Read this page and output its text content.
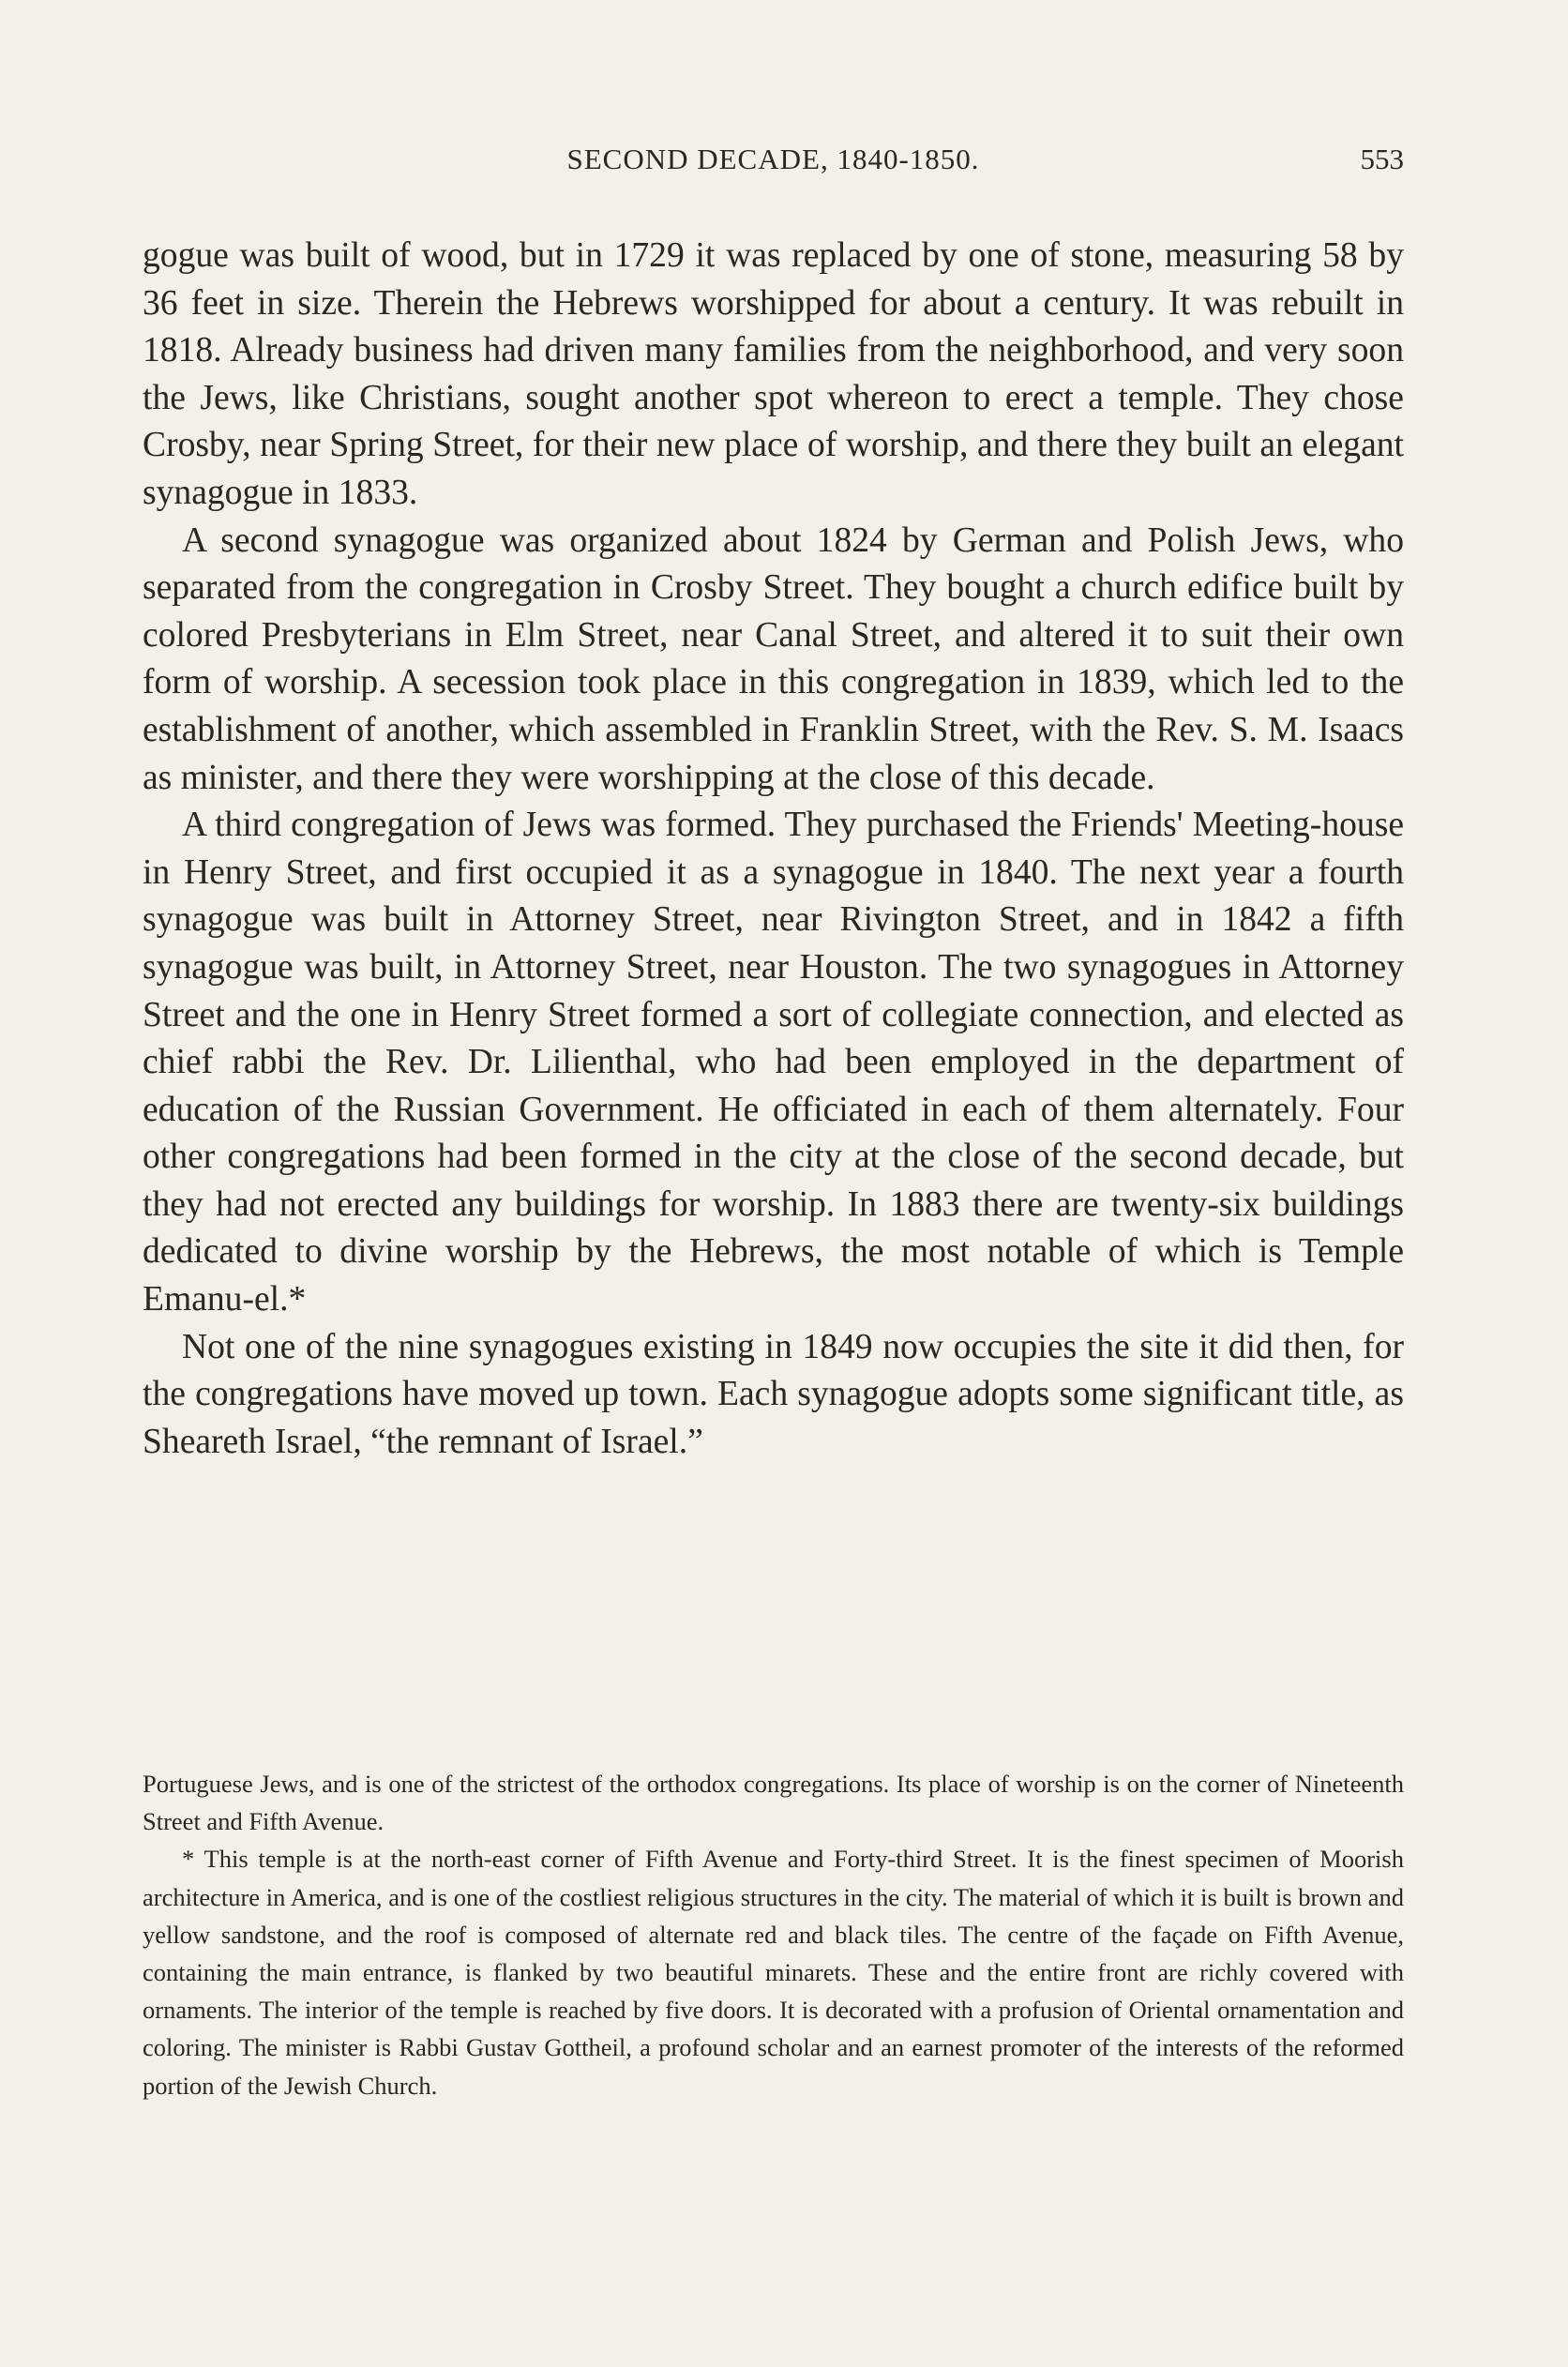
SECOND DECADE, 1840-1850.	553

gogue was built of wood, but in 1729 it was replaced by one of stone, measuring 58 by 36 feet in size. Therein the Hebrews worshipped for about a century. It was rebuilt in 1818. Already business had driven many families from the neighborhood, and very soon the Jews, like Christians, sought another spot whereon to erect a temple. They chose Crosby, near Spring Street, for their new place of worship, and there they built an elegant synagogue in 1833.

A second synagogue was organized about 1824 by German and Polish Jews, who separated from the congregation in Crosby Street. They bought a church edifice built by colored Presbyterians in Elm Street, near Canal Street, and altered it to suit their own form of worship. A secession took place in this congregation in 1839, which led to the establishment of another, which assembled in Franklin Street, with the Rev. S. M. Isaacs as minister, and there they were worshipping at the close of this decade.

A third congregation of Jews was formed. They purchased the Friends' Meeting-house in Henry Street, and first occupied it as a synagogue in 1840. The next year a fourth synagogue was built in Attorney Street, near Rivington Street, and in 1842 a fifth synagogue was built, in Attorney Street, near Houston. The two synagogues in Attorney Street and the one in Henry Street formed a sort of collegiate connection, and elected as chief rabbi the Rev. Dr. Lilienthal, who had been employed in the department of education of the Russian Government. He officiated in each of them alternately. Four other congregations had been formed in the city at the close of the second decade, but they had not erected any buildings for worship. In 1883 there are twenty-six buildings dedicated to divine worship by the Hebrews, the most notable of which is Temple Emanu-el.*

Not one of the nine synagogues existing in 1849 now occupies the site it did then, for the congregations have moved up town. Each synagogue adopts some significant title, as Sheareth Israel, “the remnant of Israel.”

Portuguese Jews, and is one of the strictest of the orthodox congregations. Its place of worship is on the corner of Nineteenth Street and Fifth Avenue.

* This temple is at the north-east corner of Fifth Avenue and Forty-third Street. It is the finest specimen of Moorish architecture in America, and is one of the costliest religious structures in the city. The material of which it is built is brown and yellow sandstone, and the roof is composed of alternate red and black tiles. The centre of the façade on Fifth Avenue, containing the main entrance, is flanked by two beautiful minarets. These and the entire front are richly covered with ornaments. The interior of the temple is reached by five doors. It is decorated with a profusion of Oriental ornamentation and coloring. The minister is Rabbi Gustav Gottheil, a profound scholar and an earnest promoter of the interests of the reformed portion of the Jewish Church.
